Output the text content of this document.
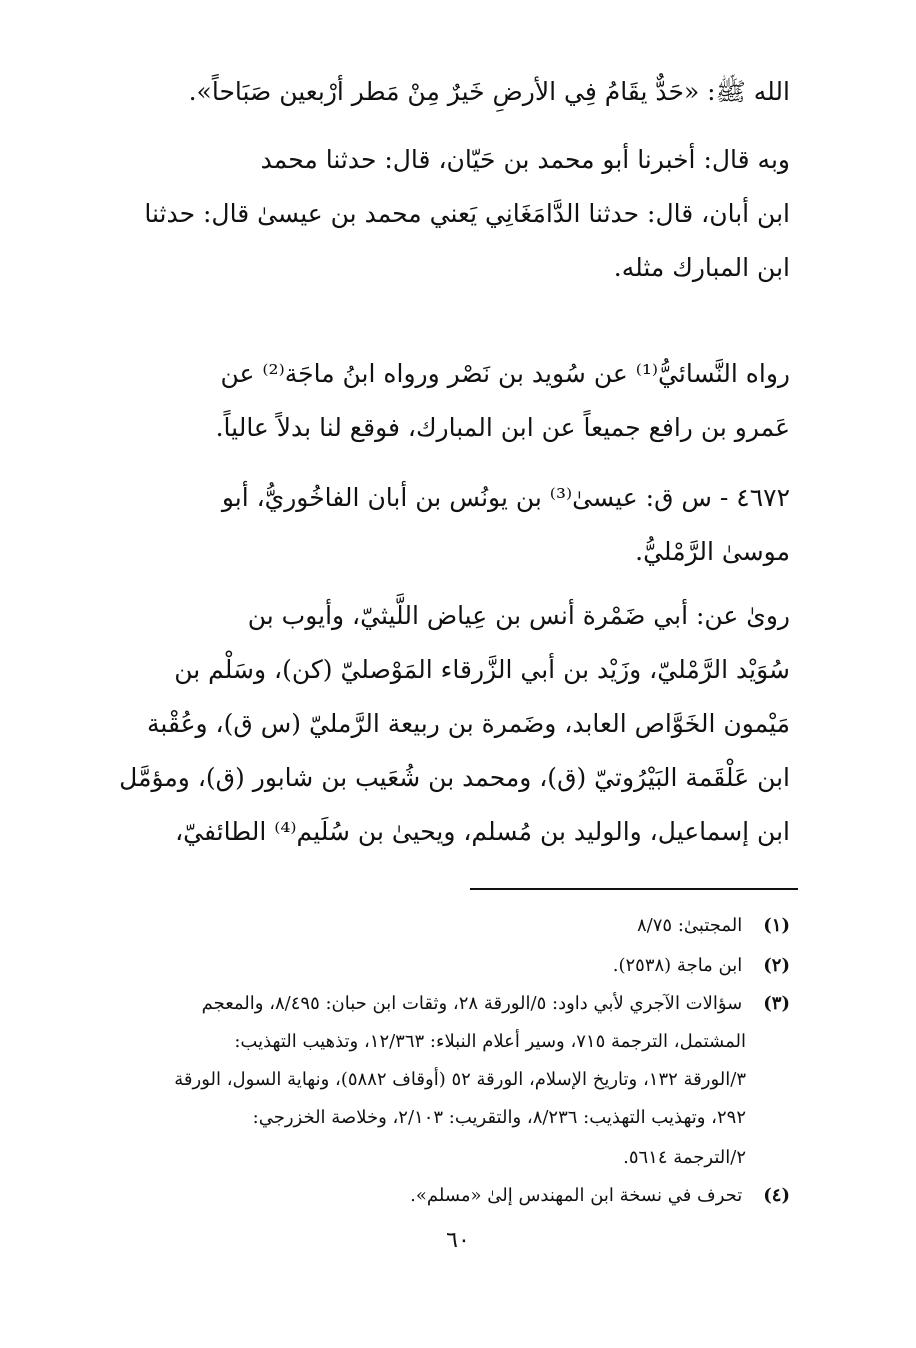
الله ﷺ: «حَدٌّ يقَامُ فِي الأرضِ خَيرٌ مِنْ مَطر أرْبعين صَبَاحاً».
وبه قال: أخبرنا أبو محمد بن حَيّان، قال: حدثنا محمد
ابن أبان، قال: حدثنا الدَّامَغَانِي يَعني محمد بن عيسىٰ قال: حدثنا
ابن المبارك مثله.
رواه النَّسائيُّ⁽¹⁾ عن سُويد بن نَصْر ورواه ابنُ ماجَة⁽²⁾ عن
عَمرو بن رافع جميعاً عن ابن المبارك، فوقع لنا بدلاً عالياً.
٤٦٧٢ - س ق: عيسىٰ⁽³⁾ بن يونُس بن أبان الفاخُوريُّ، أبو
موسىٰ الرَّمْليُّ.
روىٰ عن: أبي ضَمْرة أنس بن عِياض اللَّيثيّ، وأيوب بن
سُوَيْد الرَّمْليّ، وزَيْد بن أبي الزَّرقاء المَوْصليّ (كن)، وسَلْم بن
مَيْمون الخَوَّاص العابد، وضَمرة بن ربيعة الرَّمليّ (س ق)، وعُقْبة
ابن عَلْقَمة البَيْرُوتيّ (ق)، ومحمد بن شُعَيب بن شابور (ق)، ومؤمَّل
ابن إسماعيل، والوليد بن مُسلم، ويحيىٰ بن سُلَيم⁽⁴⁾ الطائفيّ،
(١) المجتبىٰ: ٨/٧٥
(٢) ابن ماجة (٢٥٣٨).
(٣) سؤالات الآجري لأبي داود: ٥/الورقة ٢٨، وثقات ابن حبان: ٨/٤٩٥، والمعجم
المشتمل، الترجمة ٧١٥، وسير أعلام النبلاء: ١٢/٣٦٣، وتذهيب التهذيب:
٣/الورقة ١٣٢، وتاريخ الإسلام، الورقة ٥٢ (أوقاف ٥٨٨٢)، ونهاية السول، الورقة
٢٩٢، وتهذيب التهذيب: ٨/٢٣٦، والتقريب: ٢/١٠٣، وخلاصة الخزرجي:
٢/الترجمة ٥٦١٤.
(٤) تحرف في نسخة ابن المهندس إلىٰ «مسلم».
٦٠
